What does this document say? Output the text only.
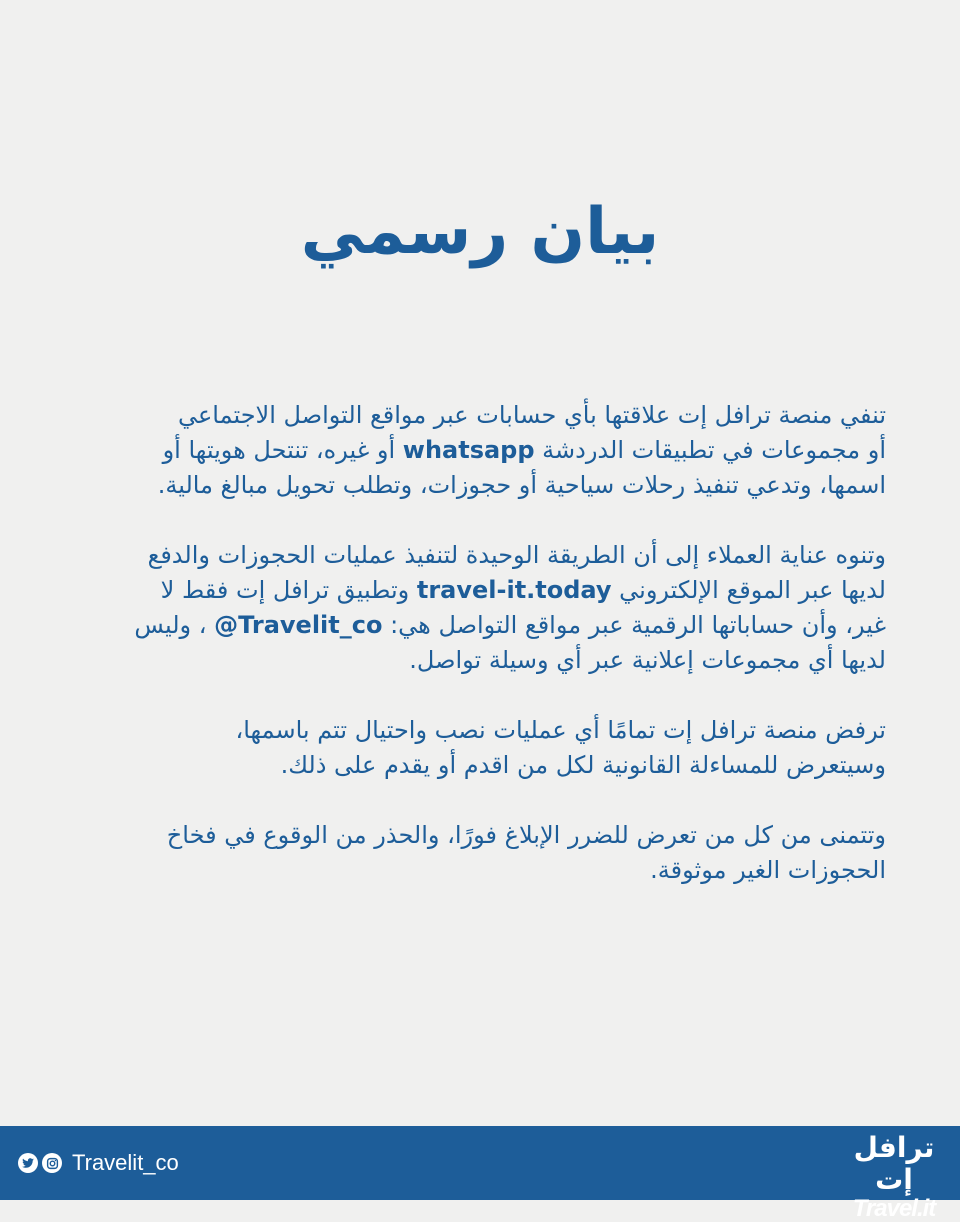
بيان رسمي

تنفي منصة ترافل إت علاقتها بأي حسابات عبر مواقع التواصل الاجتماعي
أو مجموعات في تطبيقات الدردشة whatsapp أو غيره، تنتحل هويتها أو
اسمها، وتدعي تنفيذ رحلات سياحية أو حجوزات، وتطلب تحويل مبالغ مالية.

وتنوه عناية العملاء إلى أن الطريقة الوحيدة لتنفيذ عمليات الحجوزات والدفع
لديها عبر الموقع الإلكتروني travel-it.today وتطبيق ترافل إت فقط لا
غير، وأن حساباتها الرقمية عبر مواقع التواصل هي: @Travelit_co ، وليس
لديها أي مجموعات إعلانية عبر أي وسيلة تواصل.

ترفض منصة ترافل إت تمامًا أي عمليات نصب واحتيال تتم باسمها،
وسيتعرض للمساءلة القانونية لكل من اقدم أو يقدم على ذلك.

وتتمنى من كل من تعرض للضرر الإبلاغ فورًا، والحذر من الوقوع في فخاخ
الحجوزات الغير موثوقة.

Travelit_co	ترافل إت
Travel.it
